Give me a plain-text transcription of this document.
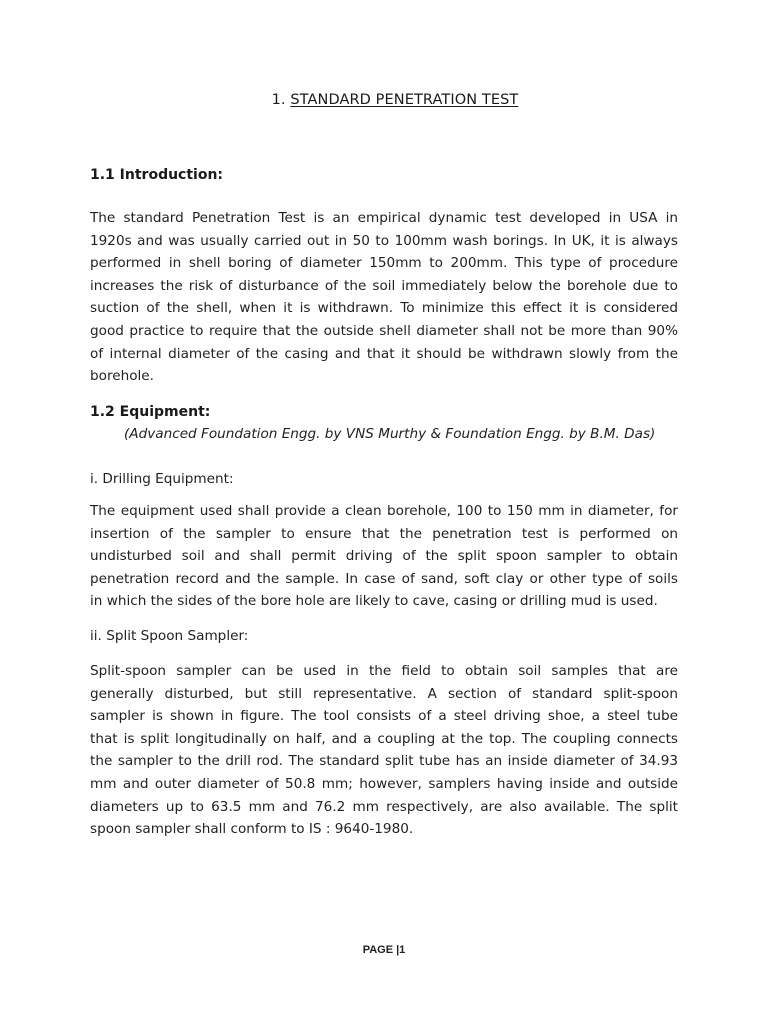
1. STANDARD PENETRATION TEST
1.1 Introduction:
The standard Penetration Test is an empirical dynamic test developed in USA in
1920s and was usually carried out in 50 to 100mm wash borings. In UK, it is always
performed in shell boring of diameter 150mm to 200mm. This type of procedure
increases the risk of disturbance of the soil immediately below the borehole due to
suction of the shell, when it is withdrawn. To minimize this effect it is considered
good practice to require that the outside shell diameter shall not be more than 90%
of internal diameter of the casing and that it should be withdrawn slowly from the
borehole.
1.2 Equipment:
(Advanced Foundation Engg. by VNS Murthy & Foundation Engg. by B.M. Das)
i. Drilling Equipment:
The equipment used shall provide a clean borehole, 100 to 150 mm in diameter, for
insertion of the sampler to ensure that the penetration test is performed on
undisturbed soil and shall permit driving of the split spoon sampler to obtain
penetration record and the sample. In case of sand, soft clay or other type of soils
in which the sides of the bore hole are likely to cave, casing or drilling mud is used.
ii. Split Spoon Sampler:
Split-spoon sampler can be used in the field to obtain soil samples that are
generally disturbed, but still representative. A section of standard split-spoon
sampler is shown in figure. The tool consists of a steel driving shoe, a steel tube
that is split longitudinally on half, and a coupling at the top. The coupling connects
the sampler to the drill rod. The standard split tube has an inside diameter of 34.93
mm and outer diameter of 50.8 mm; however, samplers having inside and outside
diameters up to 63.5 mm and 76.2 mm respectively, are also available. The split
spoon sampler shall conform to IS : 9640-1980.
PAGE |1
